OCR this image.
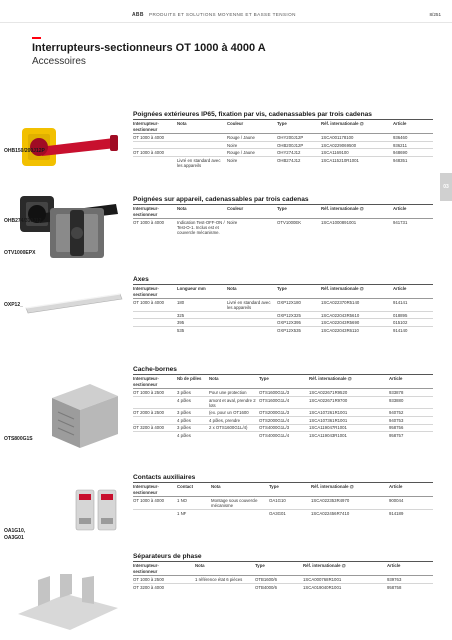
ABB PRODUITS ET SOLUTIONS MOYENNE ET BASSE TENSION	8/251
Interrupteurs-sectionneurs OT 1000 à 4000 A
Accessoires
03
Poignées extérieures IP65, fixation par vis, cadenassables par trois cadenas
OHB150/200J12P
OHB274/330J12
Interrupteur-sectionneur	Nota	Couleur	Type	Réf. internationale @	Article
OT 1000 à 4000		Rouge / Jaune	OHY200J12P	1SCA001178100	936460
		Noire	OHB200J12P	1SCA0229069500	936211
OT 1000 à 4000		Rouge / Jaune	OHY274J12	1SCA1169100	948690
	Livré en standard avec les appareils	Noire	OHB274J12	1SCA115210R1001	948351
Poignées sur appareil, cadenassables par trois cadenas
OTV1000EPX
Interrupteur-sectionneur	Nota	Couleur	Type	Réf. internationale @	Article
OT 1000 à 4000	Indication Test-OFF-ON / Test-O-1. Inclus est et couvercle mécanisme.	Noire	OTV1000EK	1SCA1000891001	941731
Axes
OXP12_
Interrupteur-sectionneur	Longueur mm	Nota	Type	Réf. internationale @	Article
OT 1000 à 4000	180	Livré en standard avec les appareils	OXP12X180	1SCA022370R5140	914141
	325		OXP12X325	1SCA022043R5610	018895
	395		OXP12X395	1SCA022043R5690	015102
	535		OXP12X535	1SCA022043R6110	914140
Cache-bornes
OTS800G1S
Interrupteur-sectionneur	Nb de pôles	Nota	Type	Réf. internationale @	Article
OT 1000 à 2500	3 pôles	Pour une protection	OTS1600G1L/3	1SCA022671R9520	933878
	4 pôles	amont et aval, prendre 2 lots	OTS1600G1L/4	1SCA022671R9700	933880
OT 2000 à 2500	3 pôles	(ex. pour un OT1600	OTS2000G1L/3	1SCA107261R1001	940752
	4 pôles	4 pôles, prendre	OTS2000G1L/4	1SCA107361R1001	940753
OT 3200 à 4000	3 pôles	2 x OTS1600G1L/4)	OTS4000G1L/3	1SCA119047R1001	958756
	4 pôles		OTS4000G1L/4	1SCA119043R1001	958757
Contacts auxiliaires
OA1G10,
OA3G01
Interrupteur-sectionneur	Contact	Nota	Type	Réf. internationale @	Article
OT 1000 à 4000	1 NO	Montage sous couvercle mécanisme	OA1G10	1SCA022353R4970	900044
	1 NF		OA3G01	1SCA022456R7410	914189
Séparateurs de phase
Interrupteur-sectionneur		Nota	Type	Réf. internationale @	Article
OT 1000 à 2500		1 référence état 6 pièces	OTB1600/6	1SCA000768R1001	939763
OT 3200 à 4000			OTB4000/6	1SCA019040R1001	958758
